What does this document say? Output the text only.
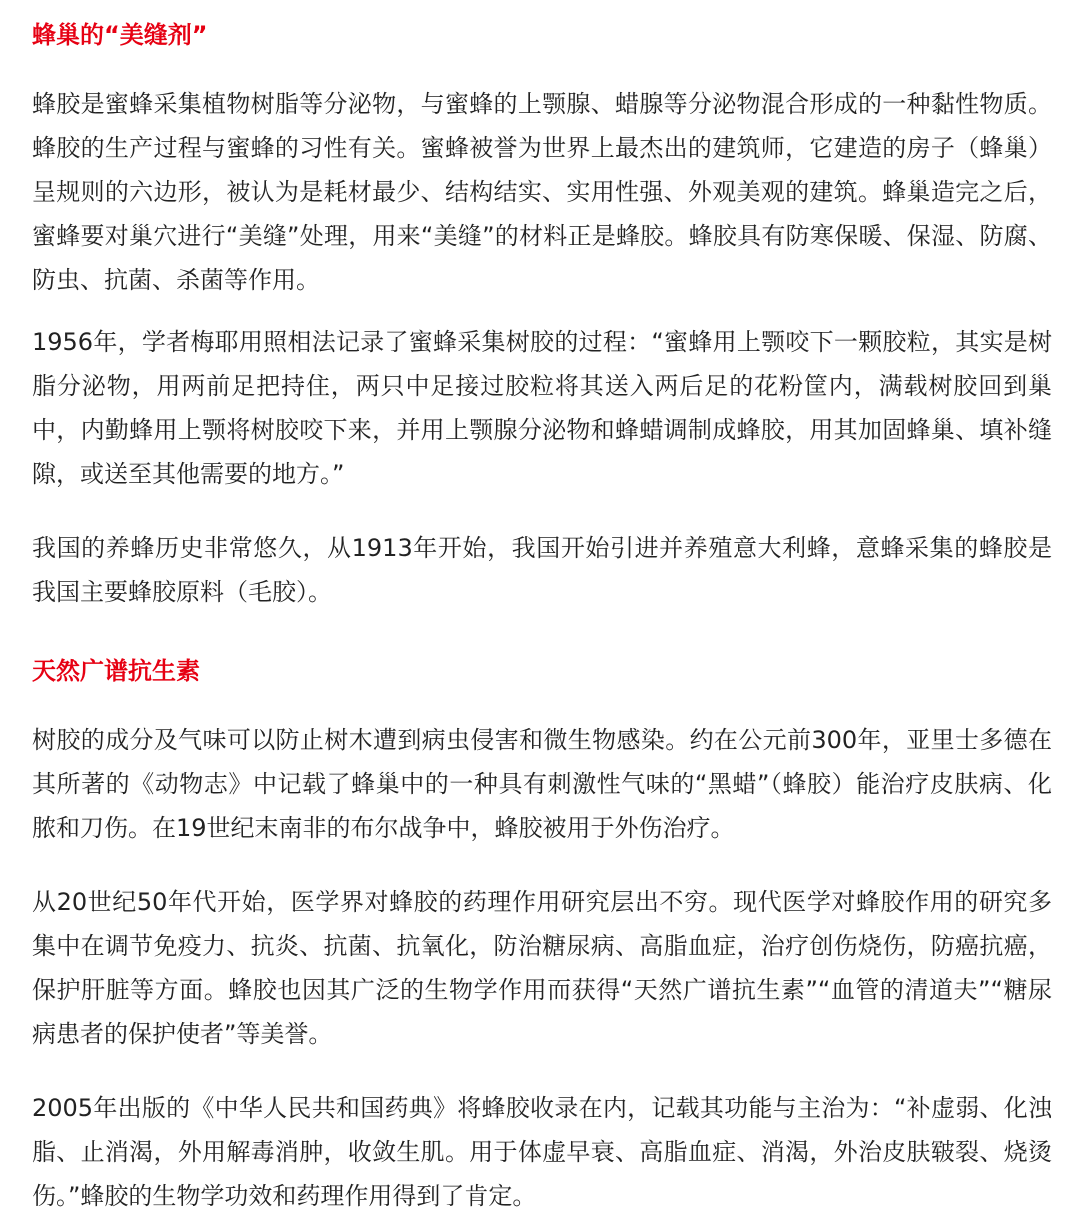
蜂巢的“美缝剂”

蜂胶是蜜蜂采集植物树脂等分泌物，与蜜蜂的上颚腺、蜡腺等分泌物混合形成的一种黏性物质。蜂胶的生产过程与蜜蜂的习性有关。蜜蜂被誉为世界上最杰出的建筑师，它建造的房子（蜂巢）呈规则的六边形，被认为是耗材最少、结构结实、实用性强、外观美观的建筑。蜂巢造完之后，蜜蜂要对巢穴进行“美缝”处理，用来“美缝”的材料正是蜂胶。蜂胶具有防寒保暖、保湿、防腐、防虫、抗菌、杀菌等作用。

1956年，学者梅耶用照相法记录了蜜蜂采集树胶的过程：“蜜蜂用上颚咬下一颗胶粒，其实是树脂分泌物，用两前足把持住，两只中足接过胶粒将其送入两后足的花粉筐内，满载树胶回到巢中，内勤蜂用上颚将树胶咬下来，并用上颚腺分泌物和蜂蜡调制成蜂胶，用其加固蜂巢、填补缝隙，或送至其他需要的地方。”

我国的养蜂历史非常悠久，从1913年开始，我国开始引进并养殖意大利蜂，意蜂采集的蜂胶是我国主要蜂胶原料（毛胶）。

天然广谱抗生素

树胶的成分及气味可以防止树木遭到病虫侵害和微生物感染。约在公元前300年，亚里士多德在其所著的《动物志》中记载了蜂巢中的一种具有刺激性气味的“黑蜡”（蜂胶）能治疗皮肤病、化脓和刀伤。在19世纪末南非的布尔战争中，蜂胶被用于外伤治疗。

从20世纪50年代开始，医学界对蜂胶的药理作用研究层出不穷。现代医学对蜂胶作用的研究多集中在调节免疫力、抗炎、抗菌、抗氧化，防治糖尿病、高脂血症，治疗创伤烧伤，防癌抗癌，保护肝脏等方面。蜂胶也因其广泛的生物学作用而获得“天然广谱抗生素”“血管的清道夫”“糖尿病患者的保护使者”等美誉。

2005年出版的《中华人民共和国药典》将蜂胶收录在内，记载其功能与主治为：“补虚弱、化浊脂、止消渴，外用解毒消肿，收敛生肌。用于体虚早衰、高脂血症、消渴，外治皮肤皲裂、烧烫伤。”蜂胶的生物学功效和药理作用得到了肯定。
